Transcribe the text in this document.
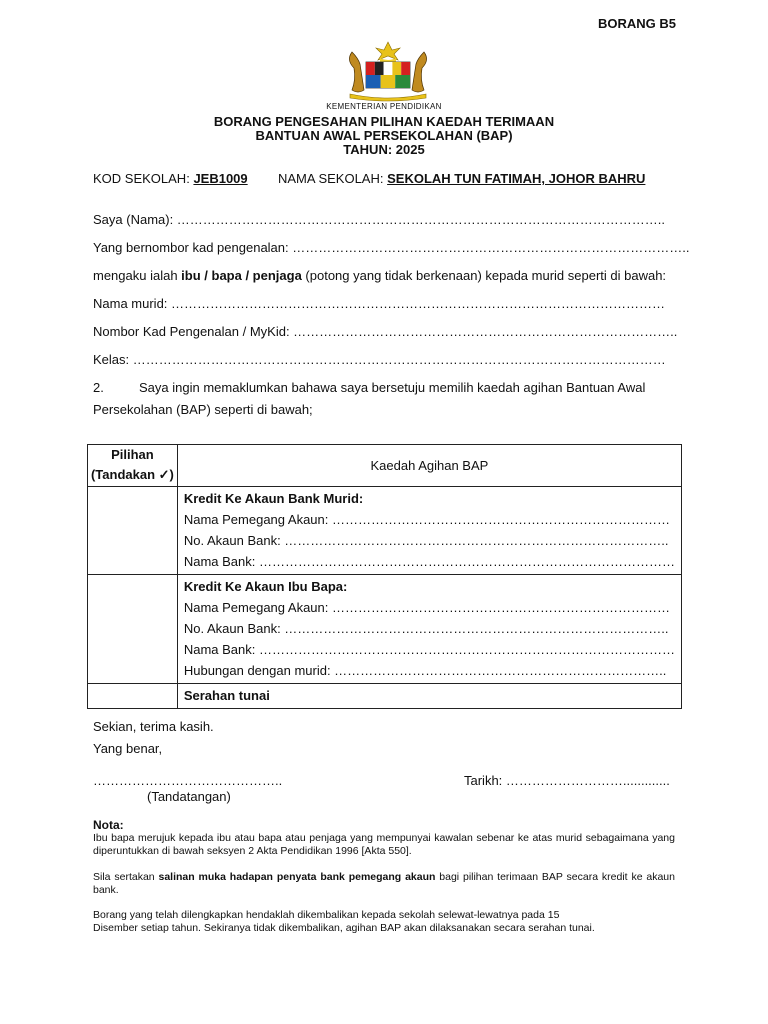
BORANG B5
KEMENTERIAN PENDIDIKAN
BORANG PENGESAHAN PILIHAN KAEDAH TERIMAAN
BANTUAN AWAL PERSEKOLAHAN (BAP)
TAHUN: 2025
KOD SEKOLAH: JEB1009 NAMA SEKOLAH: SEKOLAH TUN FATIMAH, JOHOR BAHRU
Saya (Nama): …………………………………………………………………………………………………..
Yang bernombor kad pengenalan: ………………………………………………………………………………..
mengaku ialah ibu / bapa / penjaga (potong yang tidak berkenaan) kepada murid seperti di bawah:
Nama murid: ……………………………………………………………………………………………………
Nombor Kad Pengenalan / MyKid: ……………………………………………………………………………..
Kelas: ……………………………………………………………………………………………………………
2.	Saya ingin memaklumkan bahawa saya bersetuju memilih kaedah agihan Bantuan Awal
Persekolahan (BAP) seperti di bawah;
Pilihan
(Tandakan ✓)	Kaedah Agihan BAP

	Kredit Ke Akaun Bank Murid:
Nama Pemegang Akaun: ……………………………………………………………………
No. Akaun Bank: ……………………………………………………………………………..
Nama Bank: ……………………………………………………………………………………

	Kredit Ke Akaun Ibu Bapa:
Nama Pemegang Akaun: ……………………………………………………………………
No. Akaun Bank: ……………………………………………………………………………..
Nama Bank: ……………………………………………………………………………………
Hubungan dengan murid: …………………………………………………………………..

	Serahan tunai
Sekian, terima kasih.
Yang benar,
……………………………………..	Tarikh: ……………………….............
(Tandatangan)
Nota:
Ibu bapa merujuk kepada ibu atau bapa atau penjaga yang mempunyai kawalan sebenar ke atas murid sebagaimana yang diperuntukkan di bawah seksyen 2 Akta Pendidikan 1996 [Akta 550].
Sila sertakan salinan muka hadapan penyata bank pemegang akaun bagi pilihan terimaan BAP secara kredit ke akaun bank.
Borang yang telah dilengkapkan hendaklah dikembalikan kepada sekolah selewat-lewatnya pada 15
Disember setiap tahun. Sekiranya tidak dikembalikan, agihan BAP akan dilaksanakan secara serahan tunai.
